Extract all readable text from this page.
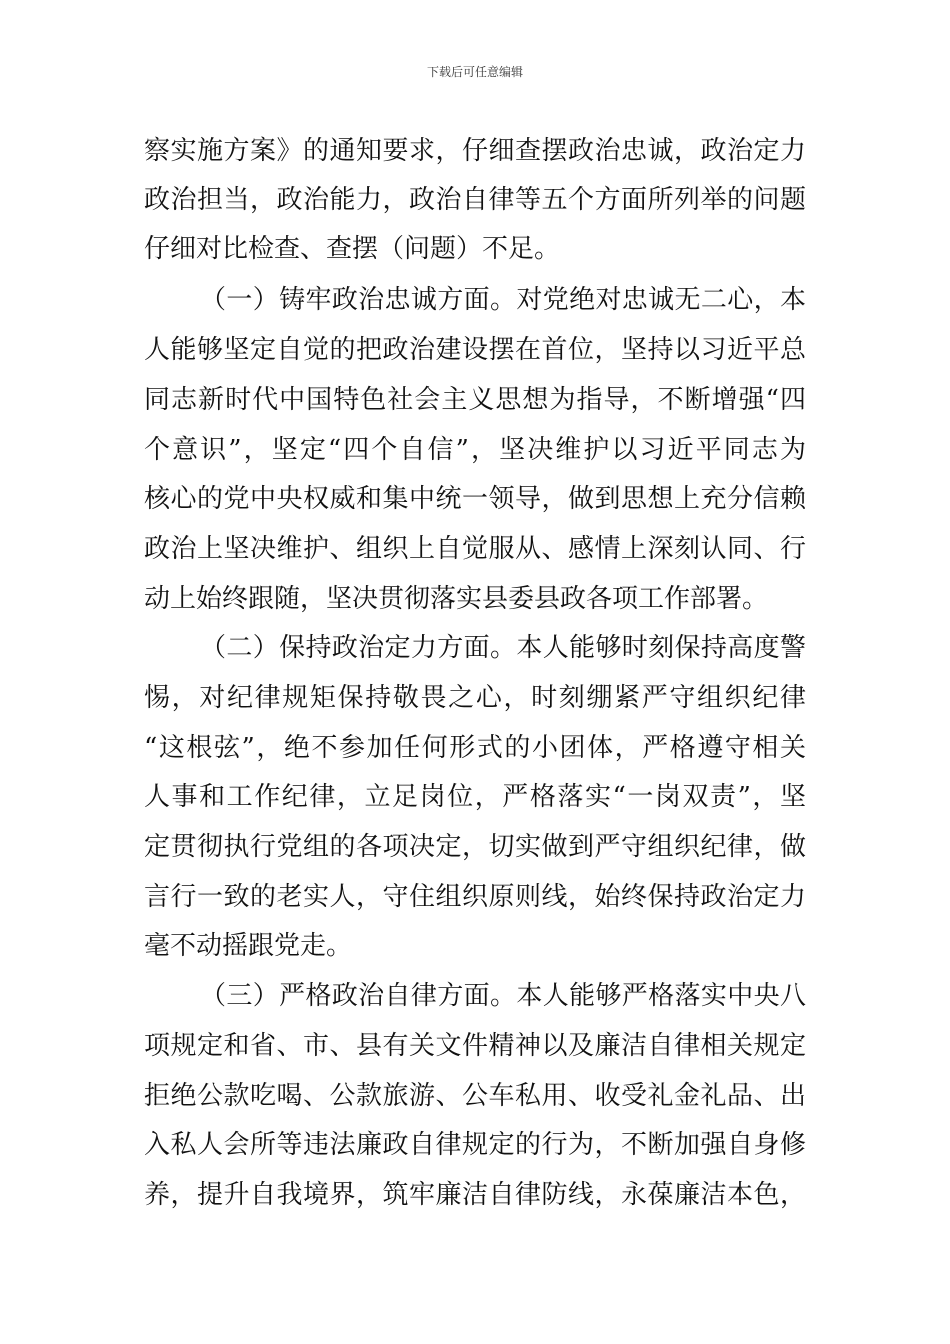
下载后可任意编辑
察实施方案》的通知要求，仔细查摆政治忠诚，政治定力
政治担当，政治能力，政治自律等五个方面所列举的问题
仔细对比检查、查摆（问题）不足。
（一）铸牢政治忠诚方面。对党绝对忠诚无二心，本
人能够坚定自觉的把政治建设摆在首位，坚持以习近平总
同志新时代中国特色社会主义思想为指导，不断增强“四
个意识”，坚定“四个自信”，坚决维护以习近平同志为
核心的党中央权威和集中统一领导，做到思想上充分信赖
政治上坚决维护、组织上自觉服从、感情上深刻认同、行
动上始终跟随，坚决贯彻落实县委县政各项工作部署。
（二）保持政治定力方面。本人能够时刻保持高度警
惕，对纪律规矩保持敬畏之心，时刻绷紧严守组织纪律
“这根弦”，绝不参加任何形式的小团体，严格遵守相关
人事和工作纪律，立足岗位，严格落实“一岗双责”，坚
定贯彻执行党组的各项决定，切实做到严守组织纪律，做
言行一致的老实人，守住组织原则线，始终保持政治定力
毫不动摇跟党走。
（三）严格政治自律方面。本人能够严格落实中央八
项规定和省、市、县有关文件精神以及廉洁自律相关规定
拒绝公款吃喝、公款旅游、公车私用、收受礼金礼品、出
入私人会所等违法廉政自律规定的行为，不断加强自身修
养，提升自我境界，筑牢廉洁自律防线，永葆廉洁本色，
